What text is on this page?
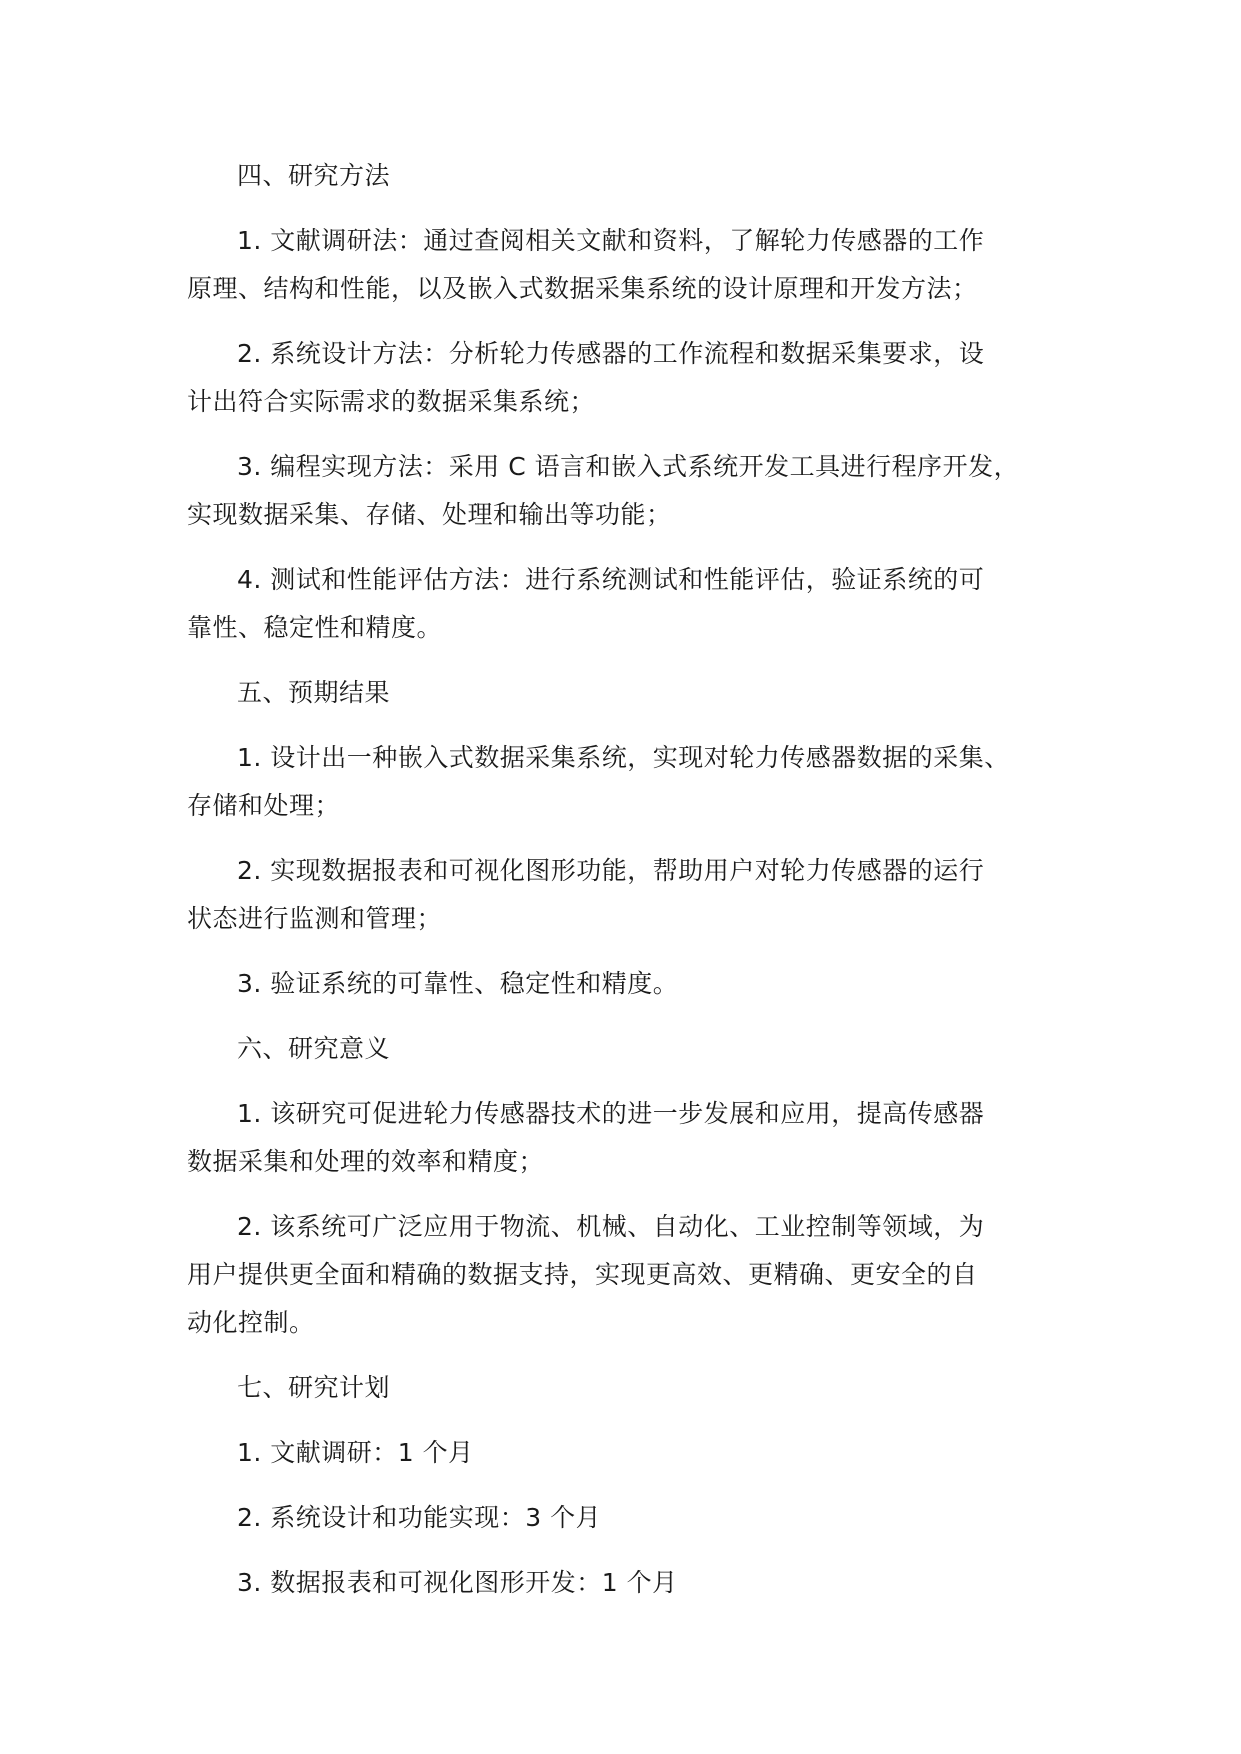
四、研究方法
1. 文献调研法：通过查阅相关文献和资料，了解轮力传感器的工作
原理、结构和性能，以及嵌入式数据采集系统的设计原理和开发方法；
2. 系统设计方法：分析轮力传感器的工作流程和数据采集要求，设
计出符合实际需求的数据采集系统；
3. 编程实现方法：采用 C 语言和嵌入式系统开发工具进行程序开发，
实现数据采集、存储、处理和输出等功能；
4. 测试和性能评估方法：进行系统测试和性能评估，验证系统的可
靠性、稳定性和精度。
五、预期结果
1. 设计出一种嵌入式数据采集系统，实现对轮力传感器数据的采集、
存储和处理；
2. 实现数据报表和可视化图形功能，帮助用户对轮力传感器的运行
状态进行监测和管理；
3. 验证系统的可靠性、稳定性和精度。
六、研究意义
1. 该研究可促进轮力传感器技术的进一步发展和应用，提高传感器
数据采集和处理的效率和精度；
2. 该系统可广泛应用于物流、机械、自动化、工业控制等领域，为
用户提供更全面和精确的数据支持，实现更高效、更精确、更安全的自
动化控制。
七、研究计划
1. 文献调研：1 个月
2. 系统设计和功能实现：3 个月
3. 数据报表和可视化图形开发：1 个月
